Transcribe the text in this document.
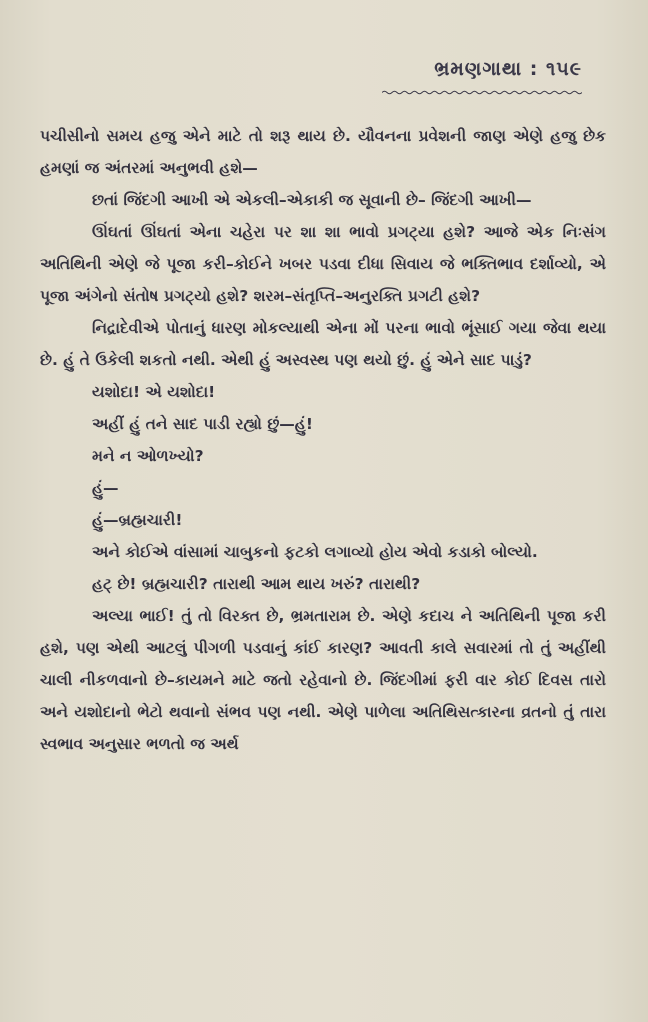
ભ્રમણગાથા : ૧૫૯

પચીસીનો સમય હજુ એને માટે તો શરૂ થાય છે. યૌવનના પ્રવેશની જાણ એણે હજુ છેક હમણાં જ અંતરમાં અનુભવી હશે—

છતાં જિંદગી આખી એ એકલી–એકાકી જ સૂવાની છે– જિંદગી આખી—

ઊંઘતાં ઊંઘતાં એના ચહેરા પર શા શા ભાવો પ્રગટ્યા હશે? આજે એક નિઃસંગ અતિથિની એણે જે પૂજા કરી–કોઈને ખબર પડવા દીધા સિવાય જે ભક્તિભાવ દર્શાવ્યો, એ પૂજા અંગેનો સંતોષ પ્રગટ્યો હશે? શરમ–સંતૃપ્તિ–અનુરક્તિ પ્રગટી હશે?

નિદ્રાદેવીએ પોતાનું ધારણ મોકલ્યાથી એના મોં પરના ભાવો ભૂંસાઈ ગયા જેવા થયા છે. હું તે ઉકેલી શકતો નથી. એથી હું અસ્વસ્થ પણ થયો છું. હું એને સાદ પાડું?

યશોદા! એ યશોદા!

અહીં હું તને સાદ પાડી રહ્યો છું—હું!

મને ન ઓળખ્યો?

હું—

હું—બ્રહ્મચારી!

અને કોઈએ વાંસામાં ચાબુકનો ફટકો લગાવ્યો હોય એવો કડાકો બોલ્યો.

હટ્ છે! બ્રહ્મચારી? તારાથી આમ થાય ખરું? તારાથી?

અલ્યા ભાઈ! તું તો વિરક્ત છે, ભ્રમતારામ છે. એણે કદાચ ને અતિથિની પૂજા કરી હશે, પણ એથી આટલું પીગળી પડવાનું કાંઈ કારણ? આવતી કાલે સવારમાં તો તું અહીંથી ચાલી નીકળવાનો છે–કાયમને માટે જતો રહેવાનો છે. જિંદગીમાં ફરી વાર કોઈ દિવસ તારો અને યશોદાનો ભેટો થવાનો સંભવ પણ નથી. એણે પાળેલા અતિથિસત્કારના વ્રતનો તું તારા સ્વભાવ અનુસાર ભળતો જ અર્થ
